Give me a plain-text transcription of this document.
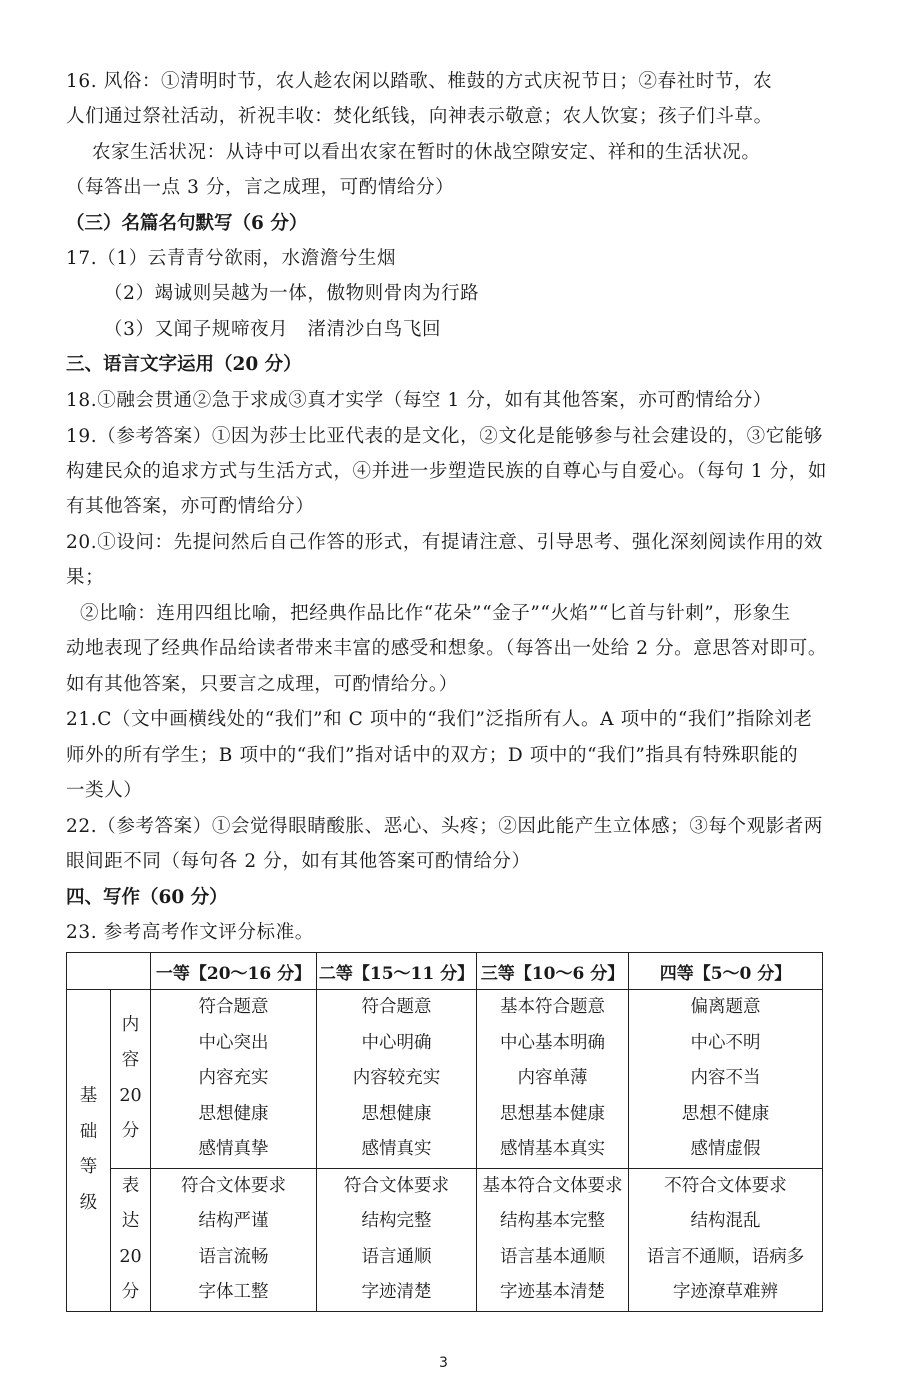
16. 风俗：①清明时节，农人趁农闲以踏歌、椎鼓的方式庆祝节日；②春社时节，农
人们通过祭社活动，祈祝丰收：焚化纸钱，向神表示敬意；农人饮宴；孩子们斗草。
农家生活状况：从诗中可以看出农家在暂时的休战空隙安定、祥和的生活状况。
（每答出一点 3 分，言之成理，可酌情给分）
（三）名篇名句默写（6 分）
17.（1）云青青兮欲雨，水澹澹兮生烟
（2）竭诚则吴越为一体，傲物则骨肉为行路
（3）又闻子规啼夜月　渚清沙白鸟飞回
三、语言文字运用（20 分）
18.①融会贯通②急于求成③真才实学（每空 1 分，如有其他答案，亦可酌情给分）
19.（参考答案）①因为莎士比亚代表的是文化，②文化是能够参与社会建设的，③它能够
构建民众的追求方式与生活方式，④并进一步塑造民族的自尊心与自爱心。（每句 1 分，如
有其他答案，亦可酌情给分）
20.①设问：先提问然后自己作答的形式，有提请注意、引导思考、强化深刻阅读作用的效
果；
②比喻：连用四组比喻，把经典作品比作“花朵”“金子”“火焰”“匕首与针刺”，形象生
动地表现了经典作品给读者带来丰富的感受和想象。（每答出一处给 2 分。意思答对即可。
如有其他答案，只要言之成理，可酌情给分。）
21.C（文中画横线处的“我们”和 C 项中的“我们”泛指所有人。A 项中的“我们”指除刘老
师外的所有学生；B 项中的“我们”指对话中的双方；D 项中的“我们”指具有特殊职能的
一类人）
22.（参考答案）①会觉得眼睛酸胀、恶心、头疼；②因此能产生立体感；③每个观影者两
眼间距不同（每句各 2 分，如有其他答案可酌情给分）
四、写作（60 分）
23. 参考高考作文评分标准。
		一等【20～16 分】	二等【15～11 分】	三等【10～6 分】	四等【5～0 分】

基
础
等
级	内
容
20
分	符合题意
中心突出
内容充实
思想健康
感情真挚	符合题意
中心明确
内容较充实
思想健康
感情真实	基本符合题意
中心基本明确
内容单薄
思想基本健康
感情基本真实	偏离题意
中心不明
内容不当
思想不健康
感情虚假

	表
达
20
分	符合文体要求
结构严谨
语言流畅
字体工整	符合文体要求
结构完整
语言通顺
字迹清楚	基本符合文体要求
结构基本完整
语言基本通顺
字迹基本清楚	不符合文体要求
结构混乱
语言不通顺，语病多
字迹潦草难辨
3
